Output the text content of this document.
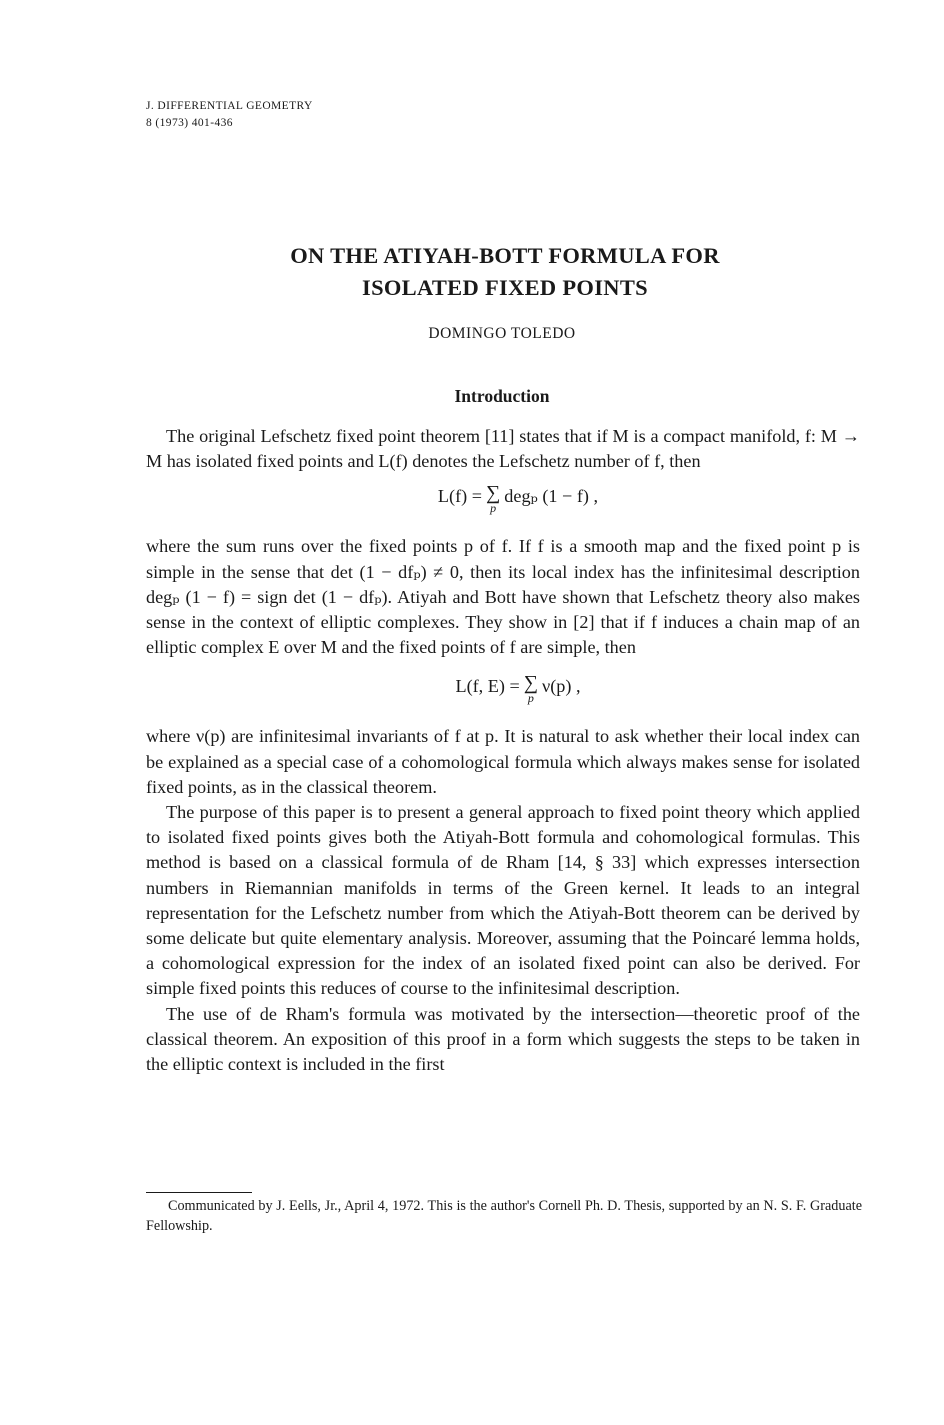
J. DIFFERENTIAL GEOMETRY
8 (1973) 401-436
ON THE ATIYAH-BOTT FORMULA FOR
ISOLATED FIXED POINTS
DOMINGO TOLEDO
Introduction

The original Lefschetz fixed point theorem [11] states that if M is a compact manifold, f: M → M has isolated fixed points and L(f) denotes the Lefschetz number of f, then

L(f) = ∑
p
degₚ (1 − f) ,

where the sum runs over the fixed points p of f. If f is a smooth map and the fixed point p is simple in the sense that det (1 − dfₚ) ≠ 0, then its local index has the infinitesimal description degₚ (1 − f) = sign det (1 − dfₚ). Atiyah and Bott have shown that Lefschetz theory also makes sense in the context of elliptic complexes. They show in [2] that if f induces a chain map of an elliptic complex E over M and the fixed points of f are simple, then

L(f, E) = ∑
p
ν(p) ,

where ν(p) are infinitesimal invariants of f at p. It is natural to ask whether their local index can be explained as a special case of a cohomological formula which always makes sense for isolated fixed points, as in the classical theorem.

The purpose of this paper is to present a general approach to fixed point theory which applied to isolated fixed points gives both the Atiyah-Bott formula and cohomological formulas. This method is based on a classical formula of de Rham [14, § 33] which expresses intersection numbers in Riemannian manifolds in terms of the Green kernel. It leads to an integral representation for the Lefschetz number from which the Atiyah-Bott theorem can be derived by some delicate but quite elementary analysis. Moreover, assuming that the Poincaré lemma holds, a cohomological expression for the index of an isolated fixed point can also be derived. For simple fixed points this reduces of course to the infinitesimal description.

The use of de Rham's formula was motivated by the intersection—theoretic proof of the classical theorem. An exposition of this proof in a form which suggests the steps to be taken in the elliptic context is included in the first

Communicated by J. Eells, Jr., April 4, 1972. This is the author's Cornell Ph. D. Thesis, supported by an N. S. F. Graduate Fellowship.
